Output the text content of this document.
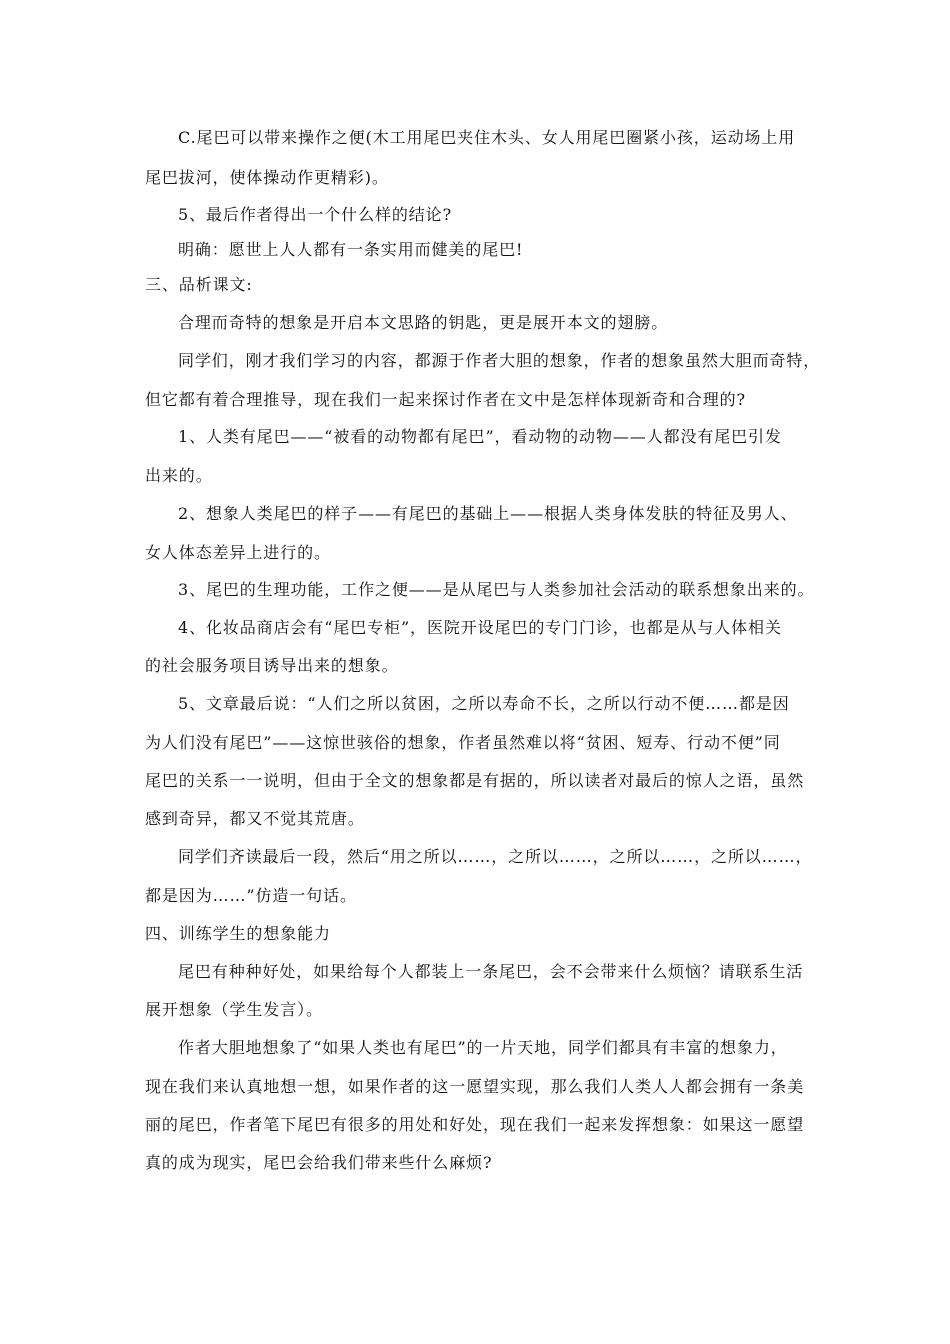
C.尾巴可以带来操作之便(木工用尾巴夹住木头、女人用尾巴圈紧小孩，运动场上用
尾巴拔河，使体操动作更精彩)。
5、最后作者得出一个什么样的结论?
明确：愿世上人人都有一条实用而健美的尾巴!
三、品析课文:
合理而奇特的想象是开启本文思路的钥匙，更是展开本文的翅膀。
同学们，刚才我们学习的内容，都源于作者大胆的想象，作者的想象虽然大胆而奇特，
但它都有着合理推导，现在我们一起来探讨作者在文中是怎样体现新奇和合理的?
1、人类有尾巴——“被看的动物都有尾巴”，看动物的动物——人都没有尾巴引发
出来的。
2、想象人类尾巴的样子——有尾巴的基础上——根据人类身体发肤的特征及男人、
女人体态差异上进行的。
3、尾巴的生理功能，工作之便——是从尾巴与人类参加社会活动的联系想象出来的。
4、化妆品商店会有“尾巴专柜”，医院开设尾巴的专门门诊，也都是从与人体相关
的社会服务项目诱导出来的想象。
5、文章最后说：“人们之所以贫困，之所以寿命不长，之所以行动不便……都是因
为人们没有尾巴”——这惊世骇俗的想象，作者虽然难以将“贫困、短寿、行动不便”同
尾巴的关系一一说明，但由于全文的想象都是有据的，所以读者对最后的惊人之语，虽然
感到奇异，都又不觉其荒唐。
同学们齐读最后一段，然后“用之所以……，之所以……，之所以……，之所以……，
都是因为……”仿造一句话。
四、训练学生的想象能力
尾巴有种种好处，如果给每个人都装上一条尾巴，会不会带来什么烦恼？请联系生活
展开想象（学生发言）。
作者大胆地想象了“如果人类也有尾巴”的一片天地，同学们都具有丰富的想象力，
现在我们来认真地想一想，如果作者的这一愿望实现，那么我们人类人人都会拥有一条美
丽的尾巴，作者笔下尾巴有很多的用处和好处，现在我们一起来发挥想象：如果这一愿望
真的成为现实，尾巴会给我们带来些什么麻烦?
